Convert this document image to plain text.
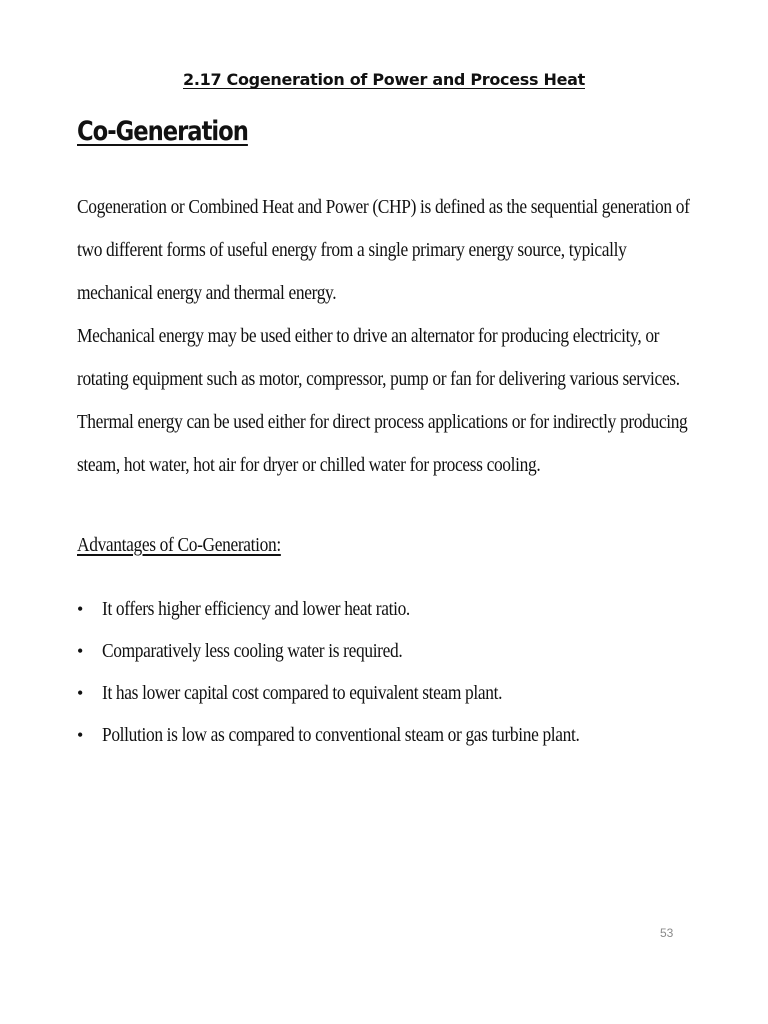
2.17 Cogeneration of Power and Process Heat
Co-Generation
Cogeneration or Combined Heat and Power (CHP) is defined as the sequential generation of
two different forms of useful energy from a single primary energy source, typically
mechanical energy and thermal energy.
Mechanical energy may be used either to drive an alternator for producing electricity, or
rotating equipment such as motor, compressor, pump or fan for delivering various services.
Thermal energy can be used either for direct process applications or for indirectly producing
steam, hot water, hot air for dryer or chilled water for process cooling.
Advantages of Co-Generation:
• It offers higher efficiency and lower heat ratio.
• Comparatively less cooling water is required.
• It has lower capital cost compared to equivalent steam plant.
• Pollution is low as compared to conventional steam or gas turbine plant.
53
